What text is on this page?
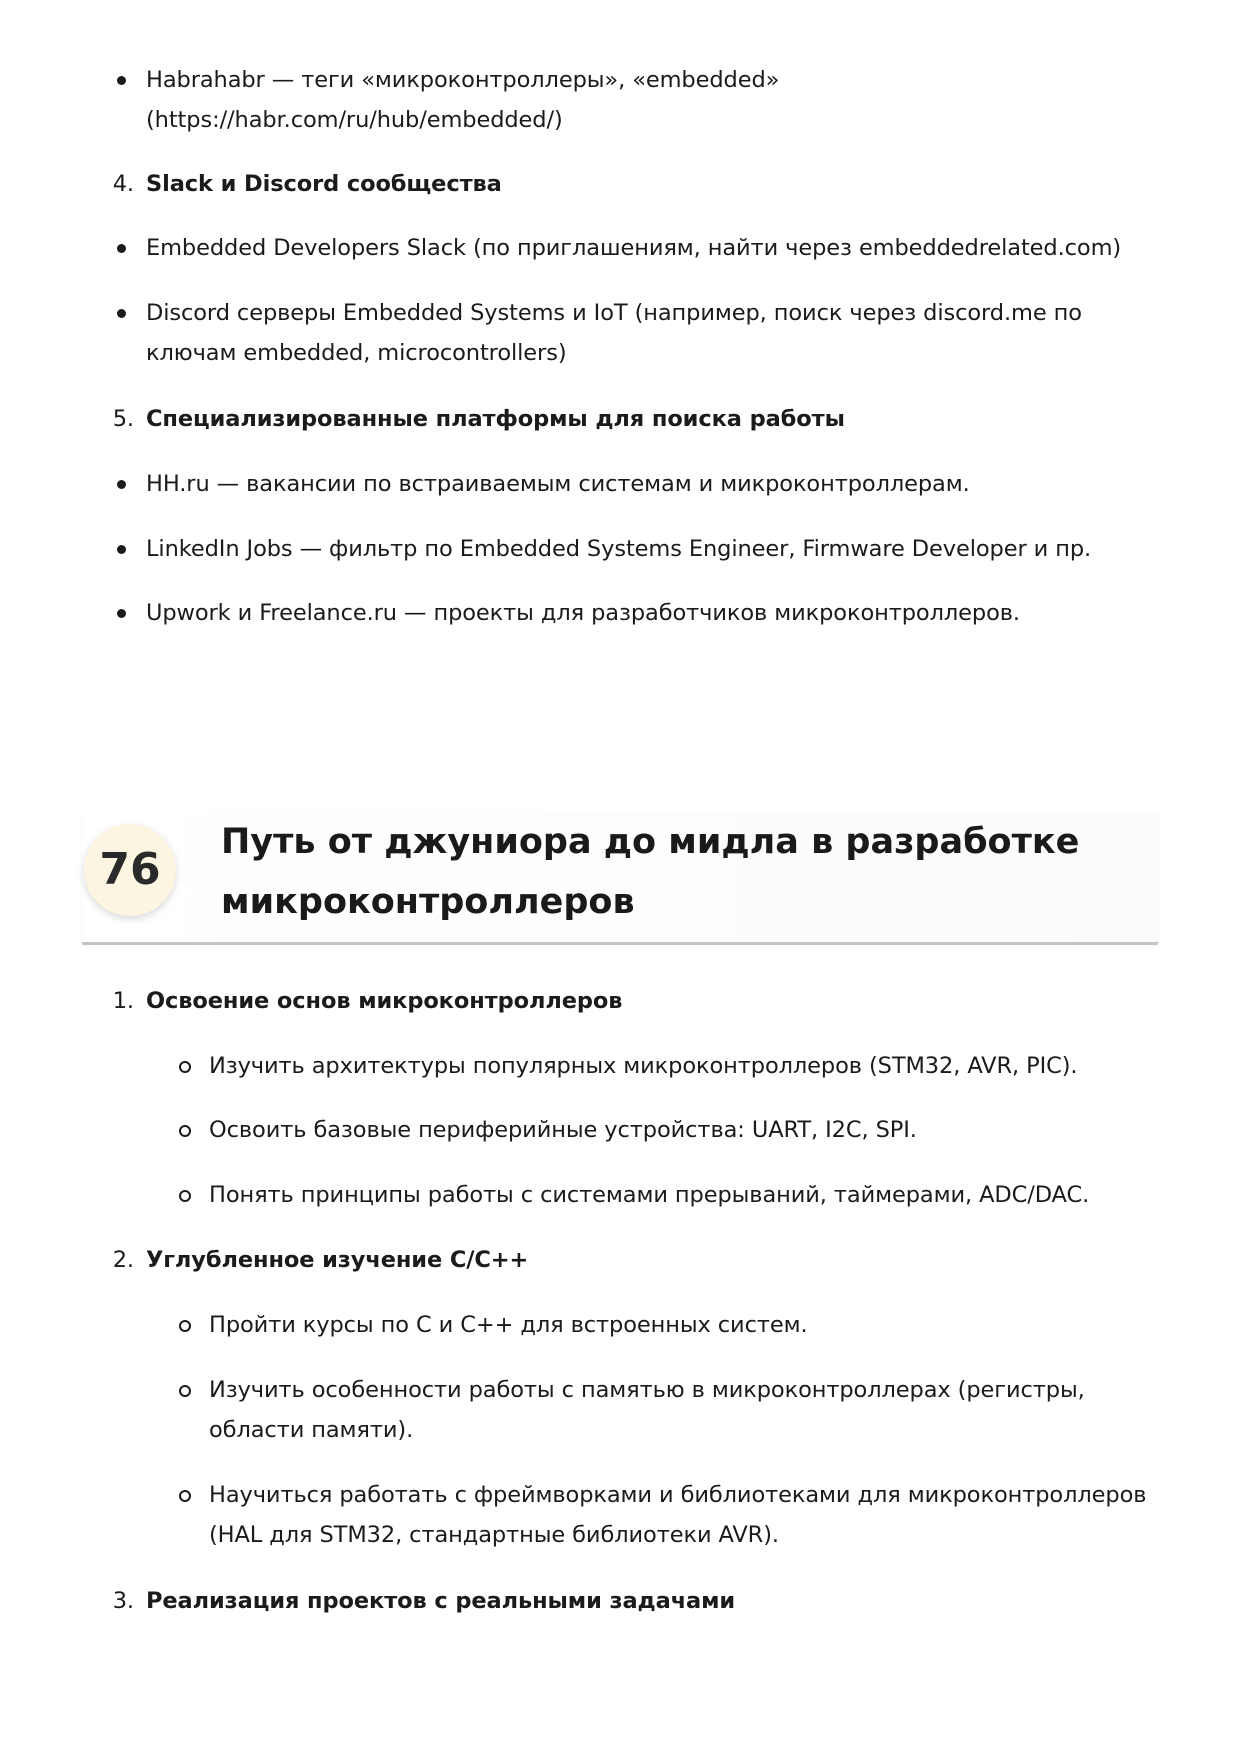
Habrahabr — теги «микроконтроллеры», «embedded»
(https://habr.com/ru/hub/embedded/)
4. Slack и Discord сообщества
Embedded Developers Slack (по приглашениям, найти через embeddedrelated.com)
Discord серверы Embedded Systems и IoT (например, поиск через discord.me по
ключам embedded, microcontrollers)
5. Специализированные платформы для поиска работы
HH.ru — вакансии по встраиваемым системам и микроконтроллерам.
LinkedIn Jobs — фильтр по Embedded Systems Engineer, Firmware Developer и пр.
Upwork и Freelance.ru — проекты для разработчиков микроконтроллеров.
76
Путь от джуниора до мидла в разработке
микроконтроллеров
1. Освоение основ микроконтроллеров
Изучить архитектуры популярных микроконтроллеров (STM32, AVR, PIC).
Освоить базовые периферийные устройства: UART, I2C, SPI.
Понять принципы работы с системами прерываний, таймерами, ADC/DAC.
2. Углубленное изучение C/C++
Пройти курсы по C и C++ для встроенных систем.
Изучить особенности работы с памятью в микроконтроллерах (регистры,
области памяти).
Научиться работать с фреймворками и библиотеками для микроконтроллеров
(HAL для STM32, стандартные библиотеки AVR).
3. Реализация проектов с реальными задачами
